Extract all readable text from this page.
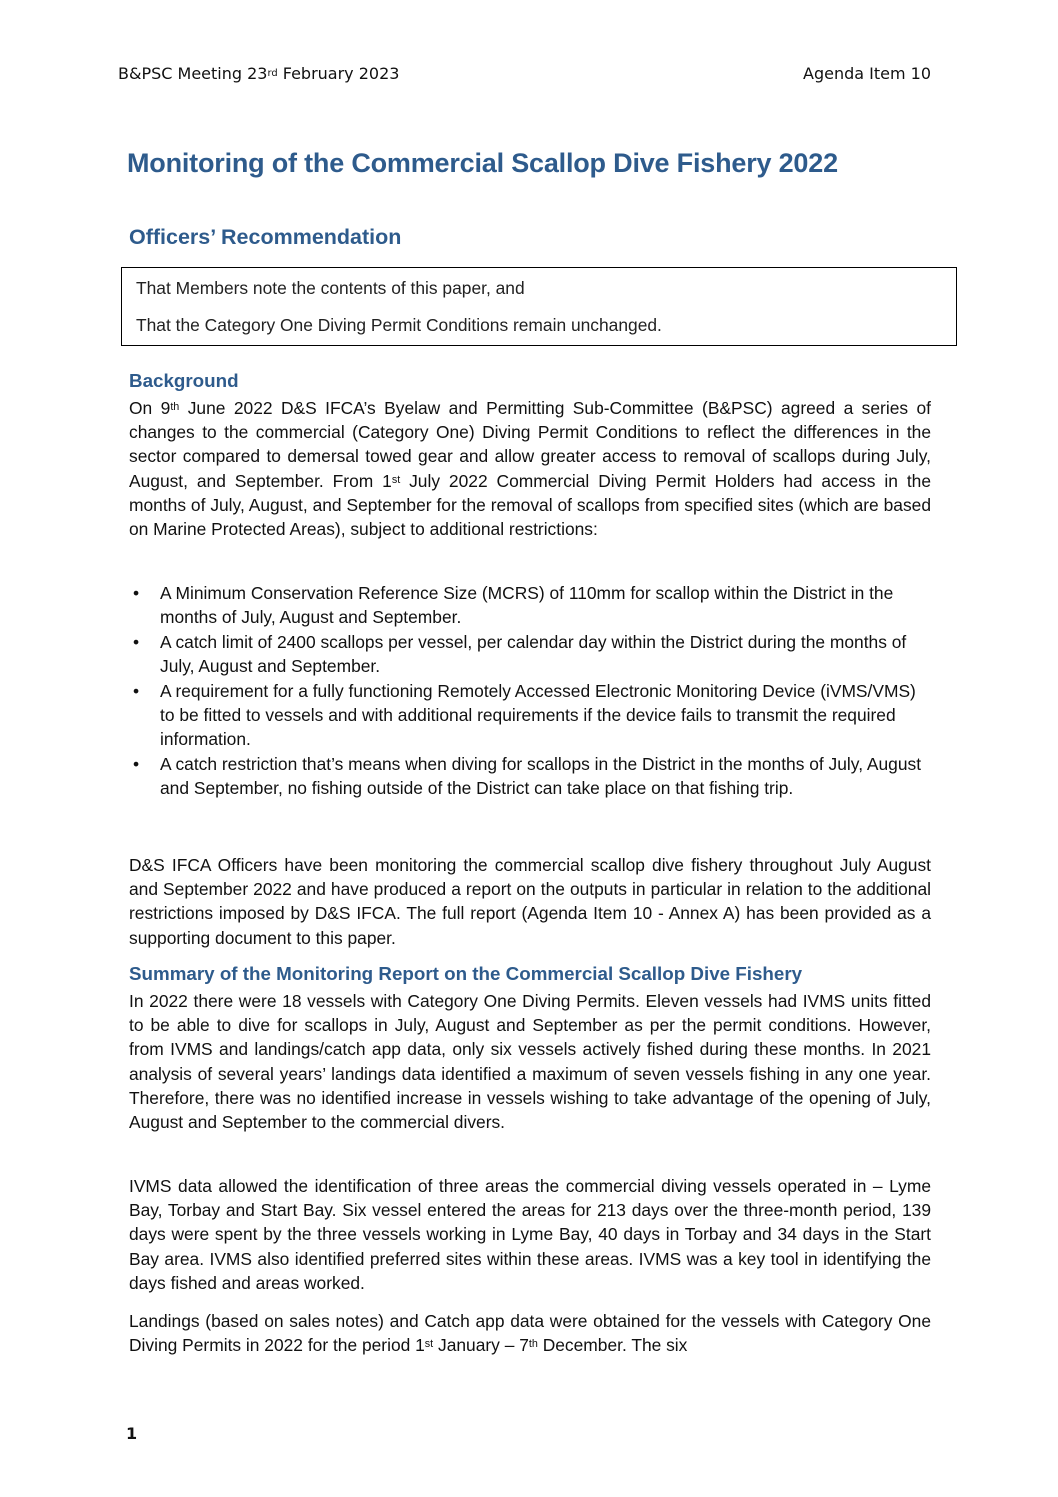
B&PSC Meeting 23rd February 2023	Agenda Item 10
Monitoring of the Commercial Scallop Dive Fishery 2022
Officers’ Recommendation
That Members note the contents of this paper, and
That the Category One Diving Permit Conditions remain unchanged.
Background

On 9th June 2022 D&S IFCA’s Byelaw and Permitting Sub-Committee (B&PSC) agreed a series of changes to the commercial (Category One) Diving Permit Conditions to reflect the differences in the sector compared to demersal towed gear and allow greater access to removal of scallops during July, August, and September. From 1st July 2022 Commercial Diving Permit Holders had access in the months of July, August, and September for the removal of scallops from specified sites (which are based on Marine Protected Areas), subject to additional restrictions:

• A Minimum Conservation Reference Size (MCRS) of 110mm for scallop within the District in the months of July, August and September.
• A catch limit of 2400 scallops per vessel, per calendar day within the District during the months of July, August and September.
• A requirement for a fully functioning Remotely Accessed Electronic Monitoring Device (iVMS/VMS) to be fitted to vessels and with additional requirements if the device fails to transmit the required information.
• A catch restriction that’s means when diving for scallops in the District in the months of July, August and September, no fishing outside of the District can take place on that fishing trip.

D&S IFCA Officers have been monitoring the commercial scallop dive fishery throughout July August and September 2022 and have produced a report on the outputs in particular in relation to the additional restrictions imposed by D&S IFCA. The full report (Agenda Item 10 - Annex A) has been provided as a supporting document to this paper.

Summary of the Monitoring Report on the Commercial Scallop Dive Fishery

In 2022 there were 18 vessels with Category One Diving Permits. Eleven vessels had IVMS units fitted to be able to dive for scallops in July, August and September as per the permit conditions. However, from IVMS and landings/catch app data, only six vessels actively fished during these months. In 2021 analysis of several years’ landings data identified a maximum of seven vessels fishing in any one year. Therefore, there was no identified increase in vessels wishing to take advantage of the opening of July, August and September to the commercial divers.

IVMS data allowed the identification of three areas the commercial diving vessels operated in – Lyme Bay, Torbay and Start Bay. Six vessel entered the areas for 213 days over the three-month period, 139 days were spent by the three vessels working in Lyme Bay, 40 days in Torbay and 34 days in the Start Bay area. IVMS also identified preferred sites within these areas. IVMS was a key tool in identifying the days fished and areas worked.

Landings (based on sales notes) and Catch app data were obtained for the vessels with Category One Diving Permits in 2022 for the period 1st January – 7th December. The six

1
